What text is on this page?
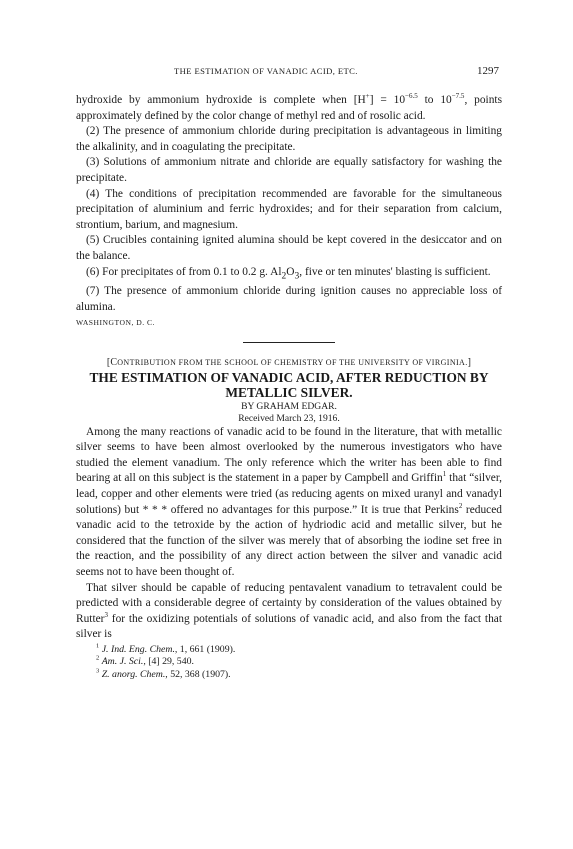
THE ESTIMATION OF VANADIC ACID, ETC.	1297

hydroxide by ammonium hydroxide is complete when $[H^+] = 10^{-6.5}$ to $10^{-7.5}$, points approximately defined by the color change of methyl red and of rosolic acid.

(2) The presence of ammonium chloride during precipitation is advantageous in limiting the alkalinity, and in coagulating the precipitate.

(3) Solutions of ammonium nitrate and chloride are equally satisfactory for washing the precipitate.

(4) The conditions of precipitation recommended are favorable for the simultaneous precipitation of aluminium and ferric hydroxides; and for their separation from calcium, strontium, barium, and magnesium.

(5) Crucibles containing ignited alumina should be kept covered in the desiccator and on the balance.

(6) For precipitates of from 0.1 to 0.2 g. $Al_2O_3$, five or ten minutes' blasting is sufficient.

(7) The presence of ammonium chloride during ignition causes no appreciable loss of alumina.

WASHINGTON, D. C.

[CONTRIBUTION FROM THE SCHOOL OF CHEMISTRY OF THE UNIVERSITY OF VIRGINIA.]

THE ESTIMATION OF VANADIC ACID, AFTER REDUCTION BY METALLIC SILVER.

BY GRAHAM EDGAR.

Received March 23, 1916.

Among the many reactions of vanadic acid to be found in the literature, that with metallic silver seems to have been almost overlooked by the numerous investigators who have studied the element vanadium. The only reference which the writer has been able to find bearing at all on this subject is the statement in a paper by Campbell and Griffin$^1$ that “silver, lead, copper and other elements were tried (as reducing agents on mixed uranyl and vanadyl solutions) but * * * offered no advantages for this purpose.” It is true that Perkins$^2$ reduced vanadic acid to the tetroxide by the action of hydriodic acid and metallic silver, but he considered that the function of the silver was merely that of absorbing the iodine set free in the reaction, and the possibility of any direct action between the silver and vanadic acid seems not to have been thought of.

That silver should be capable of reducing pentavalent vanadium to tetravalent could be predicted with a considerable degree of certainty by consideration of the values obtained by Rutter$^3$ for the oxidizing potentials of solutions of vanadic acid, and also from the fact that silver is

$^1$ J. Ind. Eng. Chem., 1, 661 (1909).
$^2$ Am. J. Sci., [4] 29, 540.
$^3$ Z. anorg. Chem., 52, 368 (1907).
